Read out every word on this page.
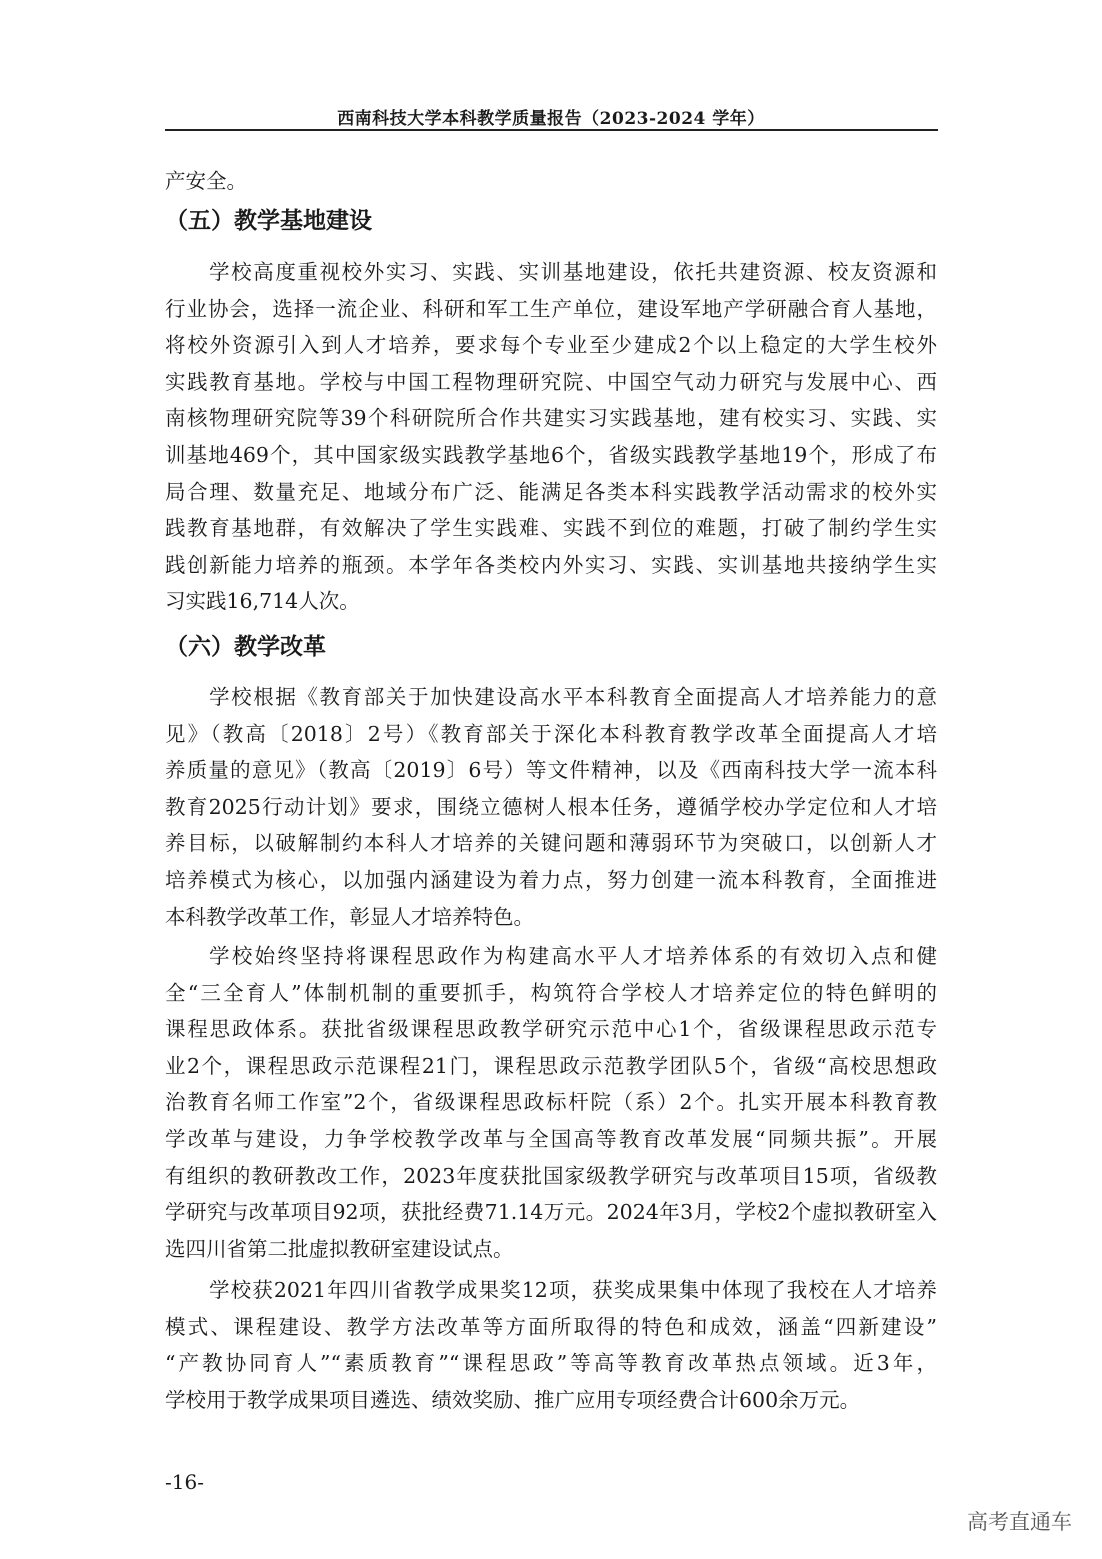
西南科技大学本科教学质量报告（2023-2024 学年）
产安全。
（五）教学基地建设
学校高度重视校外实习、实践、实训基地建设，依托共建资源、校友资源和
行业协会，选择一流企业、科研和军工生产单位，建设军地产学研融合育人基地，
将校外资源引入到人才培养，要求每个专业至少建成2个以上稳定的大学生校外
实践教育基地。学校与中国工程物理研究院、中国空气动力研究与发展中心、西
南核物理研究院等39个科研院所合作共建实习实践基地，建有校实习、实践、实
训基地469个，其中国家级实践教学基地6个，省级实践教学基地19个，形成了布
局合理、数量充足、地域分布广泛、能满足各类本科实践教学活动需求的校外实
践教育基地群，有效解决了学生实践难、实践不到位的难题，打破了制约学生实
践创新能力培养的瓶颈。本学年各类校内外实习、实践、实训基地共接纳学生实
习实践16,714人次。
（六）教学改革
学校根据《教育部关于加快建设高水平本科教育全面提高人才培养能力的意
见》（教高〔2018〕2号）《教育部关于深化本科教育教学改革全面提高人才培
养质量的意见》（教高〔2019〕6号）等文件精神，以及《西南科技大学一流本科
教育2025行动计划》要求，围绕立德树人根本任务，遵循学校办学定位和人才培
养目标，以破解制约本科人才培养的关键问题和薄弱环节为突破口，以创新人才
培养模式为核心，以加强内涵建设为着力点，努力创建一流本科教育，全面推进
本科教学改革工作，彰显人才培养特色。
学校始终坚持将课程思政作为构建高水平人才培养体系的有效切入点和健
全“三全育人”体制机制的重要抓手，构筑符合学校人才培养定位的特色鲜明的
课程思政体系。获批省级课程思政教学研究示范中心1个，省级课程思政示范专
业2个，课程思政示范课程21门，课程思政示范教学团队5个，省级“高校思想政
治教育名师工作室”2个，省级课程思政标杆院（系）2个。扎实开展本科教育教
学改革与建设，力争学校教学改革与全国高等教育改革发展“同频共振”。开展
有组织的教研教改工作，2023年度获批国家级教学研究与改革项目15项，省级教
学研究与改革项目92项，获批经费71.14万元。2024年3月，学校2个虚拟教研室入
选四川省第二批虚拟教研室建设试点。
学校获2021年四川省教学成果奖12项，获奖成果集中体现了我校在人才培养
模式、课程建设、教学方法改革等方面所取得的特色和成效，涵盖“四新建设”
“产教协同育人”“素质教育”“课程思政”等高等教育改革热点领域。近3年，
学校用于教学成果项目遴选、绩效奖励、推广应用专项经费合计600余万元。
-16-
高考直通车
